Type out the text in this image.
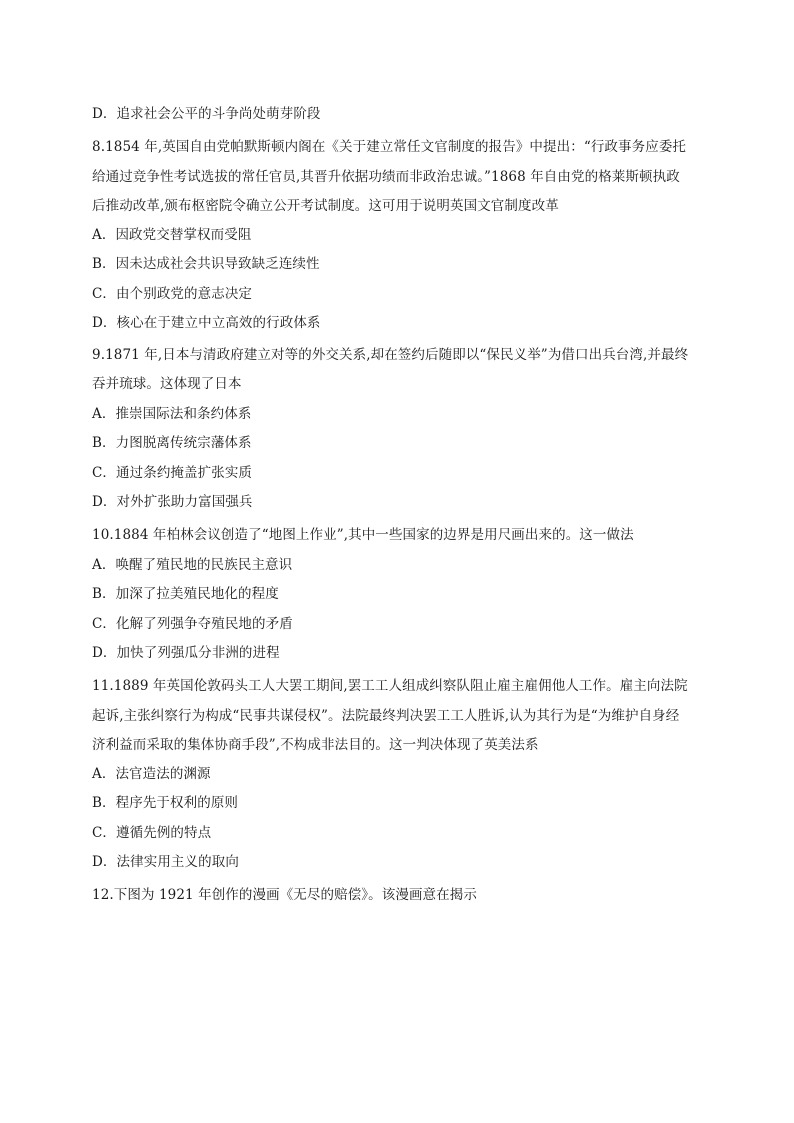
D．追求社会公平的斗争尚处萌芽阶段
8.1854 年,英国自由党帕默斯顿内阁在《关于建立常任文官制度的报告》中提出：“行政事务应委托
给通过竞争性考试选拔的常任官员,其晋升依据功绩而非政治忠诚。”1868 年自由党的格莱斯顿执政
后推动改革,颁布枢密院令确立公开考试制度。这可用于说明英国文官制度改革
A．因政党交替掌权而受阻
B．因未达成社会共识导致缺乏连续性
C．由个别政党的意志决定
D．核心在于建立中立高效的行政体系
9.1871 年,日本与清政府建立对等的外交关系,却在签约后随即以“保民义举”为借口出兵台湾,并最终
吞并琉球。这体现了日本
A．推崇国际法和条约体系
B．力图脱离传统宗藩体系
C．通过条约掩盖扩张实质
D．对外扩张助力富国强兵
10.1884 年柏林会议创造了“地图上作业”,其中一些国家的边界是用尺画出来的。这一做法
A．唤醒了殖民地的民族民主意识
B．加深了拉美殖民地化的程度
C．化解了列强争夺殖民地的矛盾
D．加快了列强瓜分非洲的进程
11.1889 年英国伦敦码头工人大罢工期间,罢工工人组成纠察队阻止雇主雇佣他人工作。雇主向法院
起诉,主张纠察行为构成“民事共谋侵权”。法院最终判决罢工工人胜诉,认为其行为是“为维护自身经
济利益而采取的集体协商手段”,不构成非法目的。这一判决体现了英美法系
A．法官造法的渊源
B．程序先于权利的原则
C．遵循先例的特点
D．法律实用主义的取向
12.下图为 1921 年创作的漫画《无尽的赔偿》。该漫画意在揭示
